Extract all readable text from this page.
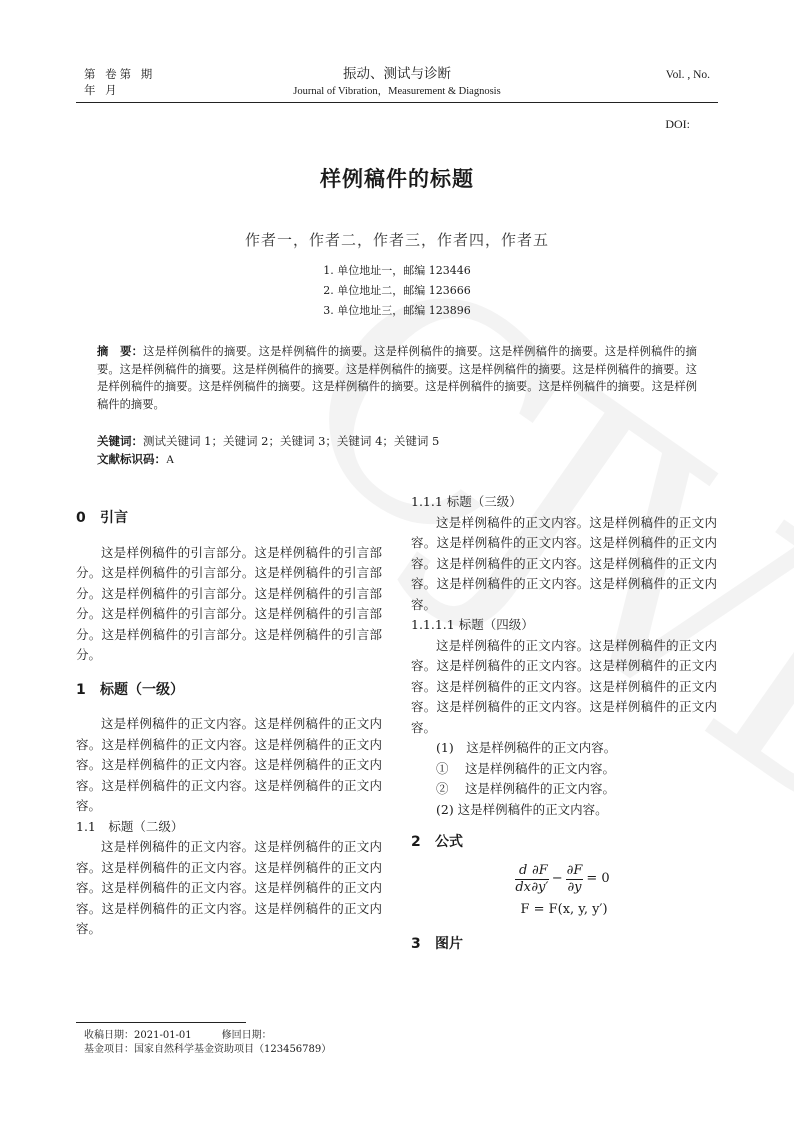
第 卷第 期
年 月
振动、测试与诊断
Journal of Vibration，Measurement & Diagnosis
Vol. , No.
DOI:
样例稿件的标题
作者一，作者二，作者三，作者四，作者五
1. 单位地址一，邮编 123446
2. 单位地址二，邮编 123666
3. 单位地址三，邮编 123896
摘　要：这是样例稿件的摘要。这是样例稿件的摘要。这是样例稿件的摘要。这是样例稿件的摘要。这是样例稿件的摘要。这是样例稿件的摘要。这是样例稿件的摘要。这是样例稿件的摘要。这是样例稿件的摘要。这是样例稿件的摘要。这是样例稿件的摘要。这是样例稿件的摘要。这是样例稿件的摘要。这是样例稿件的摘要。这是样例稿件的摘要。这是样例稿件的摘要。
关键词：测试关键词 1；关键词 2；关键词 3；关键词 4；关键词 5
文献标识码：A
0 引言

这是样例稿件的引言部分。这是样例稿件的引言部分。这是样例稿件的引言部分。这是样例稿件的引言部分。这是样例稿件的引言部分。这是样例稿件的引言部分。这是样例稿件的引言部分。这是样例稿件的引言部分。这是样例稿件的引言部分。这是样例稿件的引言部分。

1 标题（一级）

这是样例稿件的正文内容。这是样例稿件的正文内容。这是样例稿件的正文内容。这是样例稿件的正文内容。这是样例稿件的正文内容。这是样例稿件的正文内容。这是样例稿件的正文内容。这是样例稿件的正文内容。

1.1　标题（二级）

这是样例稿件的正文内容。这是样例稿件的正文内容。这是样例稿件的正文内容。这是样例稿件的正文内容。这是样例稿件的正文内容。这是样例稿件的正文内容。这是样例稿件的正文内容。这是样例稿件的正文内容。

1.1.1 标题（三级）

这是样例稿件的正文内容。这是样例稿件的正文内容。这是样例稿件的正文内容。这是样例稿件的正文内容。这是样例稿件的正文内容。这是样例稿件的正文内容。这是样例稿件的正文内容。这是样例稿件的正文内容。

1.1.1.1 标题（四级）

这是样例稿件的正文内容。这是样例稿件的正文内容。这是样例稿件的正文内容。这是样例稿件的正文内容。这是样例稿件的正文内容。这是样例稿件的正文内容。这是样例稿件的正文内容。这是样例稿件的正文内容。

(1)　这是样例稿件的正文内容。

①　 这是样例稿件的正文内容。

②　 这是样例稿件的正文内容。

(2) 这是样例稿件的正文内容。

2 公式
$\frac{d}{dx} \frac{\partial F}{\partial y'} - \frac{\partial F}{\partial y} = 0$
F = F(x, y, y′)
3 图片
收稿日期：2021-01-01	修回日期：
基金项目：国家自然科学基金资助项目（123456789）
